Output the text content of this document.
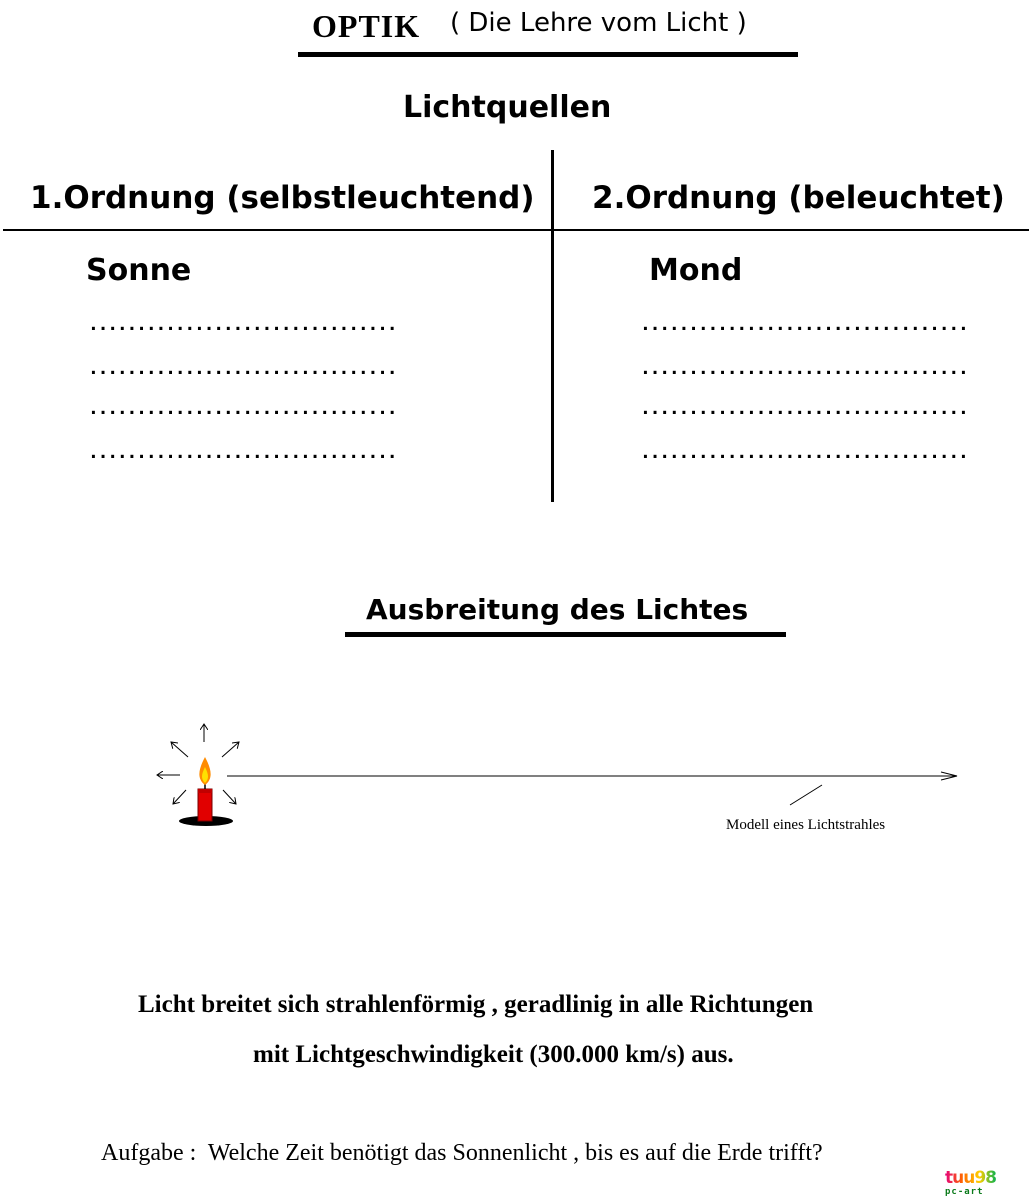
OPTIK ( Die Lehre vom Licht )
Lichtquellen
1.Ordnung (selbstleuchtend) 2.Ordnung (beleuchtet)
Sonne	Mond
................................
................................
................................
................................
..................................
..................................
..................................
..................................
Ausbreitung des Lichtes
Modell eines Lichtstrahles
Licht breitet sich strahlenförmig , geradlinig in alle Richtungen
mit Lichtgeschwindigkeit (300.000 km/s) aus.
Aufgabe :  Welche Zeit benötigt das Sonnenlicht , bis es auf die Erde trifft?
tuu98
pc-art
